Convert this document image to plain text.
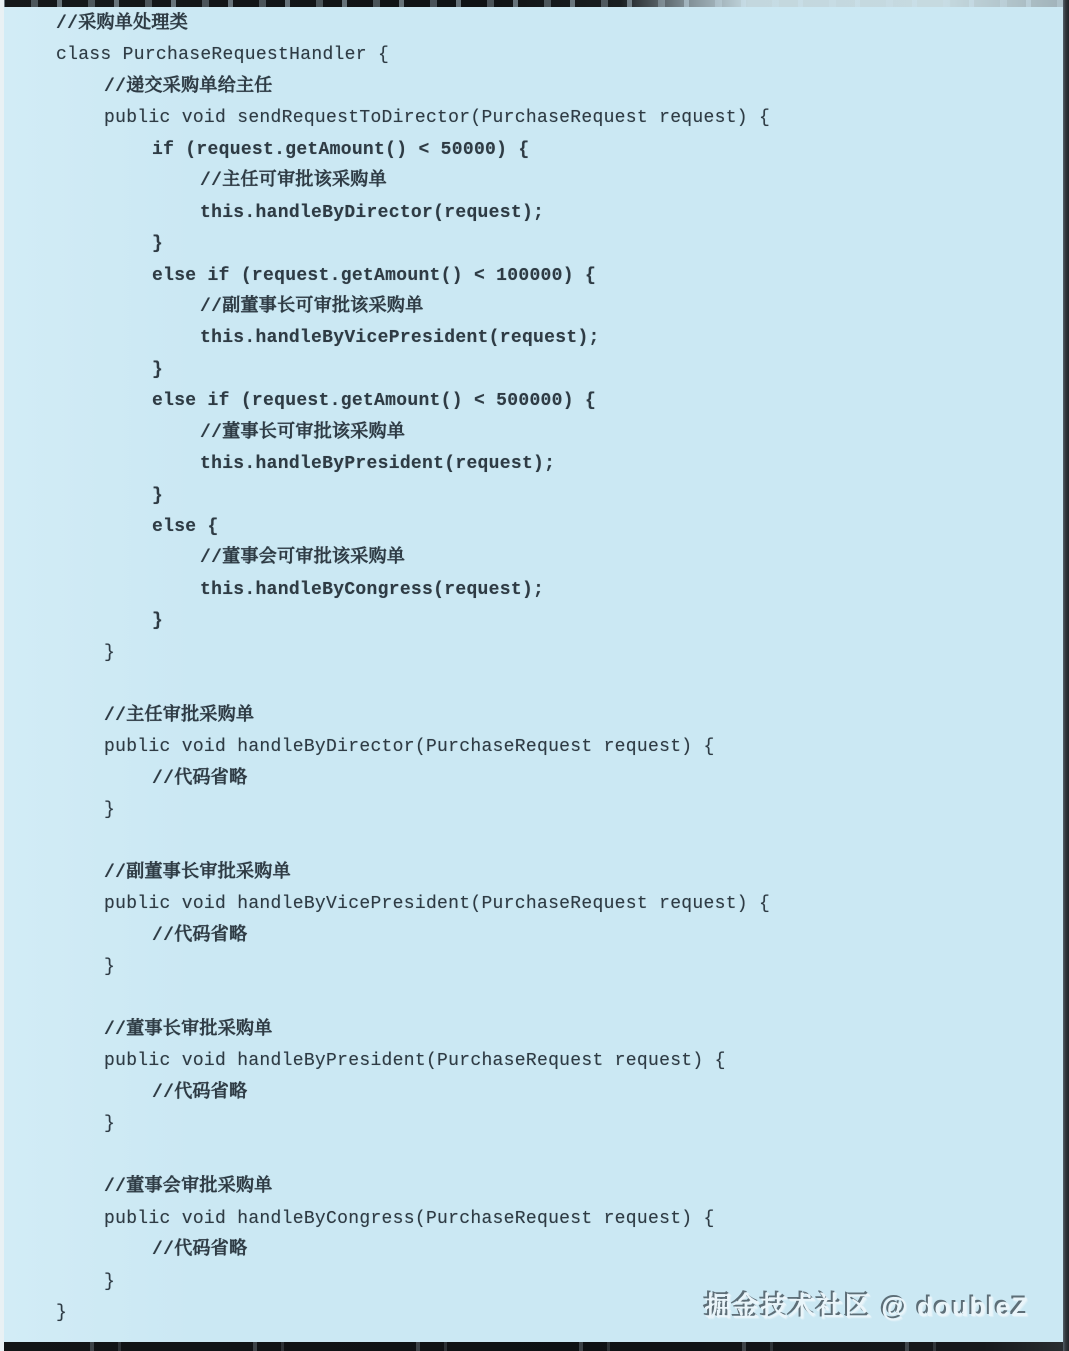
//采购单处理类
class PurchaseRequestHandler {
//递交采购单给主任
public void sendRequestToDirector(PurchaseRequest request) {
if (request.getAmount() < 50000) {
//主任可审批该采购单
this.handleByDirector(request);
}
else if (request.getAmount() < 100000) {
//副董事长可审批该采购单
this.handleByVicePresident(request);
}
else if (request.getAmount() < 500000) {
//董事长可审批该采购单
this.handleByPresident(request);
}
else {
//董事会可审批该采购单
this.handleByCongress(request);
}
}
//主任审批采购单
public void handleByDirector(PurchaseRequest request) {
//代码省略
}
//副董事长审批采购单
public void handleByVicePresident(PurchaseRequest request) {
//代码省略
}
//董事长审批采购单
public void handleByPresident(PurchaseRequest request) {
//代码省略
}
//董事会审批采购单
public void handleByCongress(PurchaseRequest request) {
//代码省略
}
}	掘金技术社区 @ doubleZ
